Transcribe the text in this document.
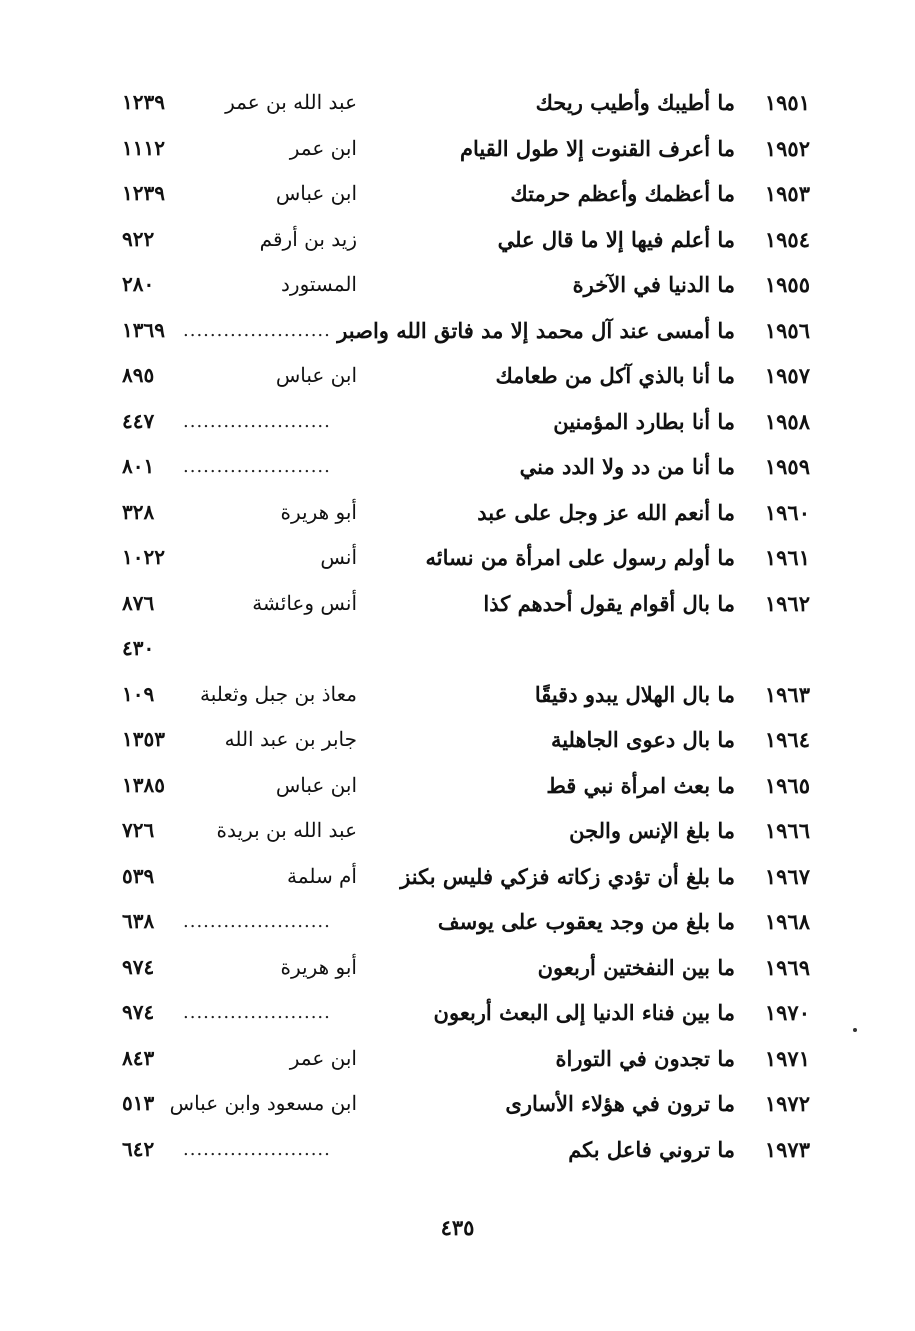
١٩٥١
ما أطيبك وأطيب ريحك
عبد الله بن عمر
١٢٣٩
١٩٥٢
ما أعرف القنوت إلا طول القيام
ابن عمر
١١١٢
١٩٥٣
ما أعظمك وأعظم حرمتك
ابن عباس
١٢٣٩
١٩٥٤
ما أعلم فيها إلا ما قال علي
زيد بن أرقم
٩٢٢
١٩٥٥
ما الدنيا في الآخرة
المستورد
٢٨٠
١٩٥٦
ما أمسى عند آل محمد إلا مد فاتق الله واصبر
......................
١٣٦٩
١٩٥٧
ما أنا بالذي آكل من طعامك
ابن عباس
٨٩٥
١٩٥٨
ما أنا بطارد المؤمنين
......................
٤٤٧
١٩٥٩
ما أنا من دد ولا الدد مني
......................
٨٠١
١٩٦٠
ما أنعم الله عز وجل على عبد
أبو هريرة
٣٢٨
١٩٦١
ما أولم رسول على امرأة من نسائه
أنس
١٠٢٢
١٩٦٢
ما بال أقوام يقول أحدهم كذا
أنس وعائشة
٨٧٦
٤٣٠
١٩٦٣
ما بال الهلال يبدو دقيقًا
معاذ بن جبل وثعلبة
١٠٩
١٩٦٤
ما بال دعوى الجاهلية
جابر بن عبد الله
١٣٥٣
١٩٦٥
ما بعث امرأة نبي قط
ابن عباس
١٣٨٥
١٩٦٦
ما بلغ الإنس والجن
عبد الله بن بريدة
٧٢٦
١٩٦٧
ما بلغ أن تؤدي زكاته فزكي فليس بكنز
أم سلمة
٥٣٩
١٩٦٨
ما بلغ من وجد يعقوب على يوسف
......................
٦٣٨
١٩٦٩
ما بين النفختين أربعون
أبو هريرة
٩٧٤
١٩٧٠
ما بين فناء الدنيا إلى البعث أربعون
......................
٩٧٤
١٩٧١
ما تجدون في التوراة
ابن عمر
٨٤٣
١٩٧٢
ما ترون في هؤلاء الأسارى
ابن مسعود وابن عباس
٥١٣
١٩٧٣
ما تروني فاعل بكم
......................
٦٤٢
٤٣٥
